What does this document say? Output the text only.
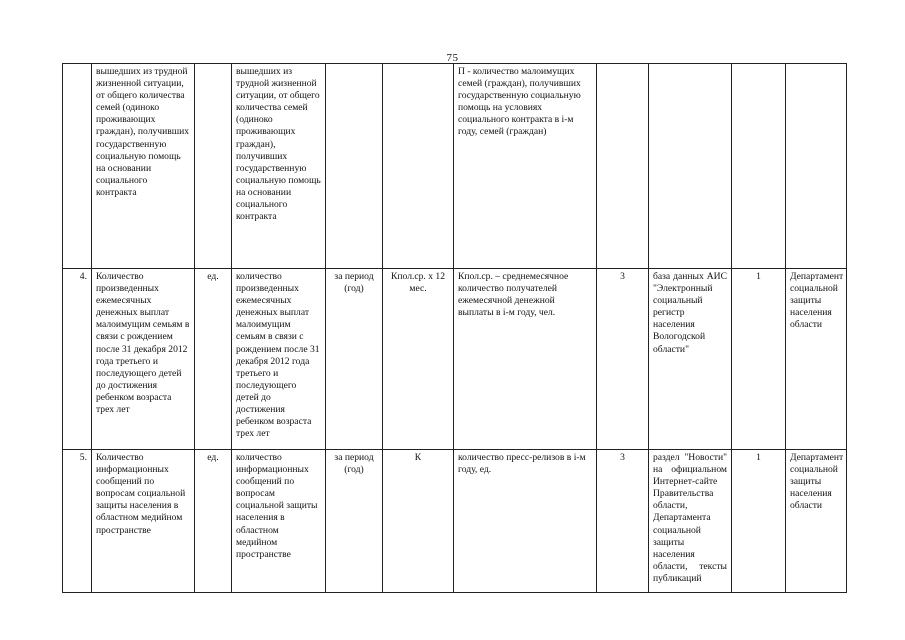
75
	вышедших из трудной жизненной ситуации, от общего количества семей (одиноко проживающих граждан), получивших государственную социальную помощь на основании социального контракта		вышедших из трудной жизненной ситуации, от общего количества семей (одиноко проживающих граждан), получивших государственную социальную помощь на основании социального контракта			П - количество малоимущих семей (граждан), получивших государственную социальную помощь на условиях социального контракта в i-м году, семей (граждан)				
4.	Количество произведенных ежемесячных денежных выплат малоимущим семьям в связи с рождением после 31 декабря 2012 года третьего и последующего детей до достижения ребенком возраста трех лет	ед.	количество произведенных ежемесячных денежных выплат малоимущим семьям в связи с рождением после 31 декабря 2012 года третьего и последующего детей до достижения ребенком возраста трех лет	за период (год)	Кпол.ср. x 12 мес.	Кпол.ср. – среднемесячное количество получателей ежемесячной денежной выплаты в i-м году, чел.	3	база данных АИС "Электронный социальный регистр населения Вологодской области"	1	Департамент социальной защиты населения области
5.	Количество информационных сообщений по вопросам социальной защиты населения в областном медийном пространстве	ед.	количество информационных сообщений по вопросам социальной защиты населения в областном медийном пространстве	за период (год)	К	количество пресс-релизов в i-м году, ед.	3	раздел "Новости" на официальном Интернет-сайте Правительства области, Департамента социальной защиты населения области, тексты публикаций	1	Департамент социальной защиты населения области
